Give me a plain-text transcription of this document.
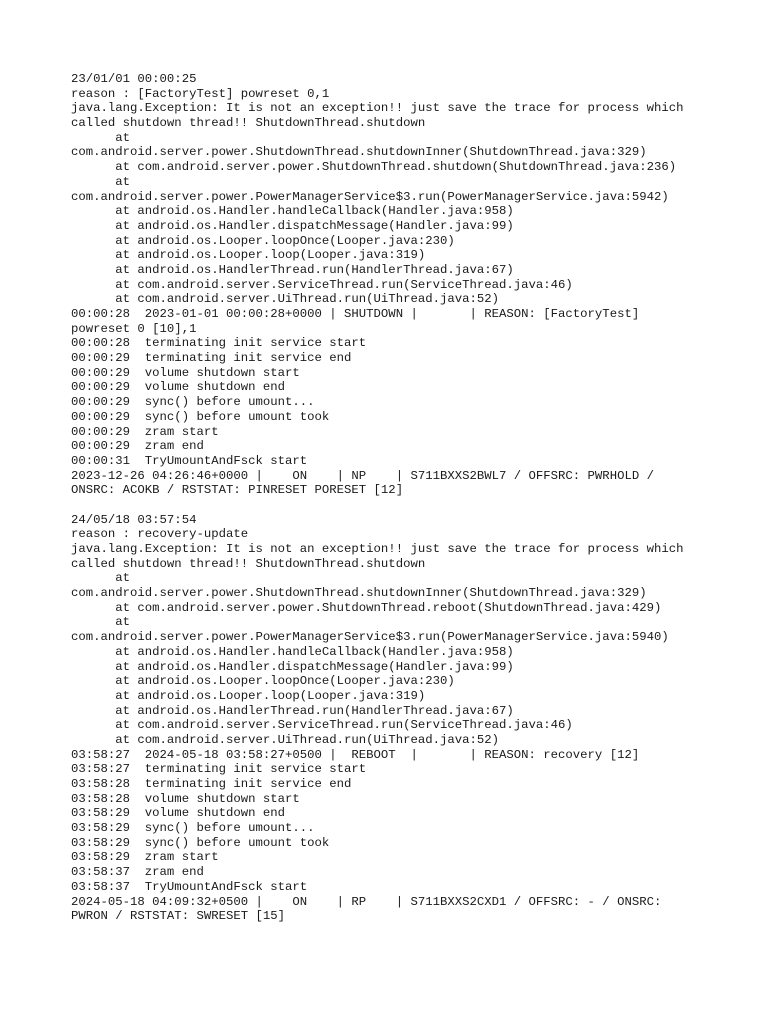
23/01/01 00:00:25
reason : [FactoryTest] powreset 0,1
java.lang.Exception: It is not an exception!! just save the trace for process which
called shutdown thread!! ShutdownThread.shutdown
at
com.android.server.power.ShutdownThread.shutdownInner(ShutdownThread.java:329)
at com.android.server.power.ShutdownThread.shutdown(ShutdownThread.java:236)
at
com.android.server.power.PowerManagerService$3.run(PowerManagerService.java:5942)
at android.os.Handler.handleCallback(Handler.java:958)
at android.os.Handler.dispatchMessage(Handler.java:99)
at android.os.Looper.loopOnce(Looper.java:230)
at android.os.Looper.loop(Looper.java:319)
at android.os.HandlerThread.run(HandlerThread.java:67)
at com.android.server.ServiceThread.run(ServiceThread.java:46)
at com.android.server.UiThread.run(UiThread.java:52)
00:00:28  2023-01-01 00:00:28+0000 | SHUTDOWN |       | REASON: [FactoryTest]
powreset 0 [10],1
00:00:28  terminating init service start
00:00:29  terminating init service end
00:00:29  volume shutdown start
00:00:29  volume shutdown end
00:00:29  sync() before umount...
00:00:29  sync() before umount took
00:00:29  zram start
00:00:29  zram end
00:00:31  TryUmountAndFsck start
2023-12-26 04:26:46+0000 |    ON    | NP    | S711BXXS2BWL7 / OFFSRC: PWRHOLD /
ONSRC: ACOKB / RSTSTAT: PINRESET PORESET [12]
24/05/18 03:57:54
reason : recovery-update
java.lang.Exception: It is not an exception!! just save the trace for process which
called shutdown thread!! ShutdownThread.shutdown
at
com.android.server.power.ShutdownThread.shutdownInner(ShutdownThread.java:329)
at com.android.server.power.ShutdownThread.reboot(ShutdownThread.java:429)
at
com.android.server.power.PowerManagerService$3.run(PowerManagerService.java:5940)
at android.os.Handler.handleCallback(Handler.java:958)
at android.os.Handler.dispatchMessage(Handler.java:99)
at android.os.Looper.loopOnce(Looper.java:230)
at android.os.Looper.loop(Looper.java:319)
at android.os.HandlerThread.run(HandlerThread.java:67)
at com.android.server.ServiceThread.run(ServiceThread.java:46)
at com.android.server.UiThread.run(UiThread.java:52)
03:58:27  2024-05-18 03:58:27+0500 |  REBOOT  |       | REASON: recovery [12]
03:58:27  terminating init service start
03:58:28  terminating init service end
03:58:28  volume shutdown start
03:58:29  volume shutdown end
03:58:29  sync() before umount...
03:58:29  sync() before umount took
03:58:29  zram start
03:58:37  zram end
03:58:37  TryUmountAndFsck start
2024-05-18 04:09:32+0500 |    ON    | RP    | S711BXXS2CXD1 / OFFSRC: - / ONSRC:
PWRON / RSTSTAT: SWRESET [15]
